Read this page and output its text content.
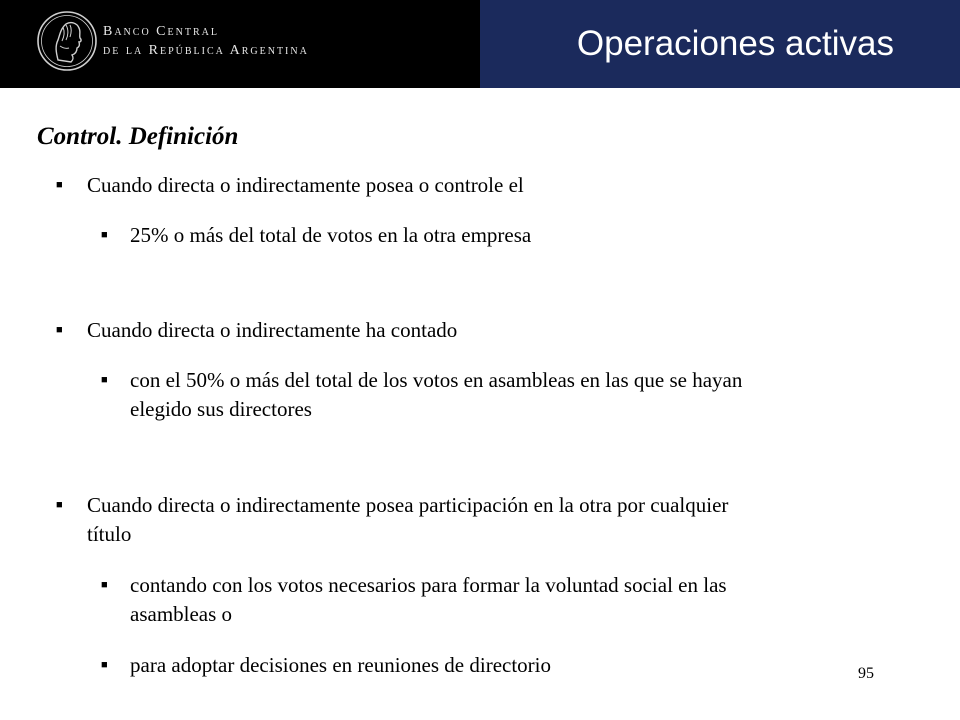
Banco Central
de la República Argentina	Operaciones activas
Control. Definición
■ Cuando directa o indirectamente posea o controle el
■ 25% o más del total de votos en la otra empresa
■ Cuando directa o indirectamente ha contado
■ con el 50% o más del total de los votos en asambleas en las que se hayan
elegido sus directores
■ Cuando directa o indirectamente posea participación en la otra por cualquier
título
■ contando con los votos necesarios para formar la voluntad social en las
asambleas o
■ para adoptar decisiones en reuniones de directorio	95
